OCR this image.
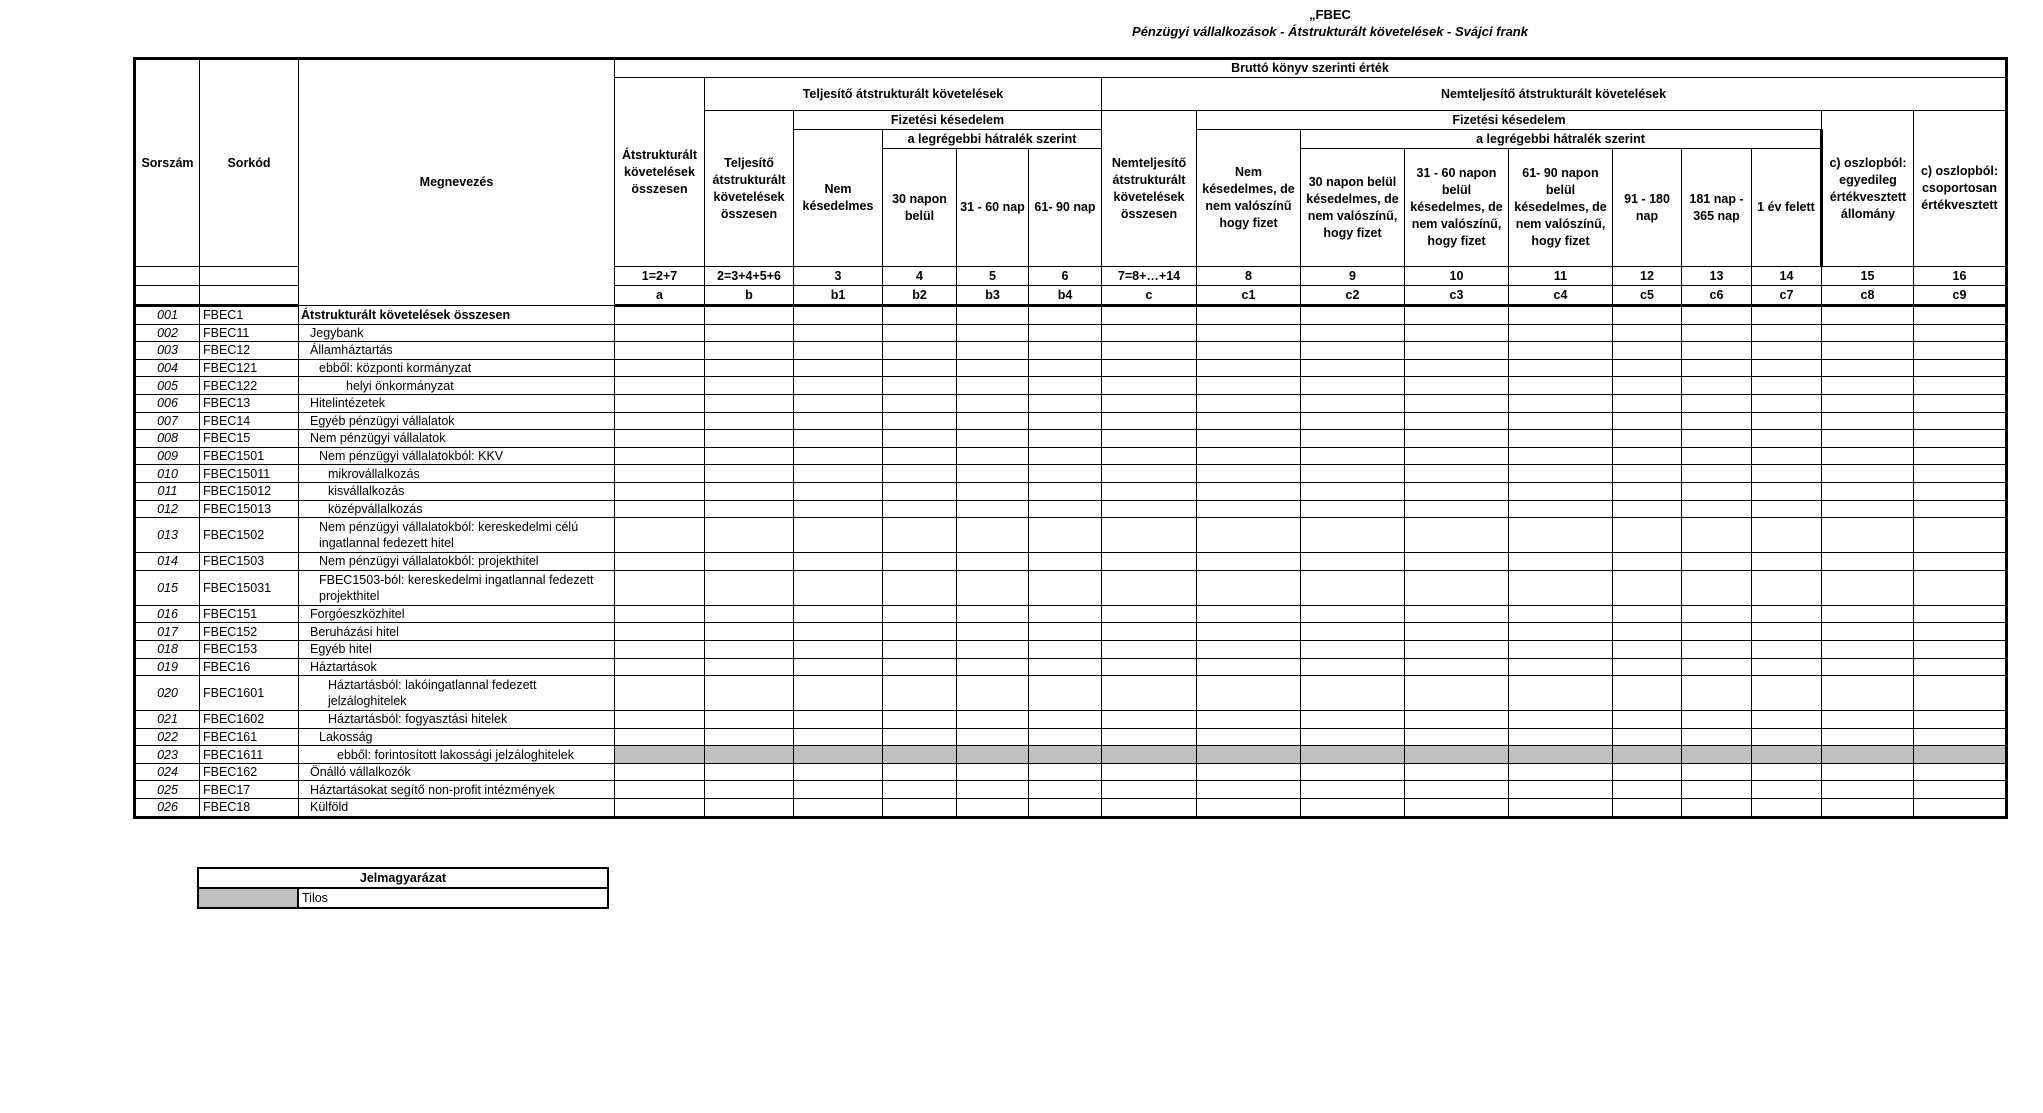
„FBEC
Pénzügyi vállalkozások - Átstrukturált követelések - Svájci frank
Sorszám	Sorkód	Megnevezés	Bruttó könyv szerinti érték															
			Átstrukturált követelések összesen	Teljesítő átstrukturált követelések					Nemteljesítő átstrukturált követelések									
				Teljesítő átstrukturált követelések összesen	Fizetési késedelem				Nemteljesítő átstrukturált követelések összesen	Fizetési késedelem							c) oszlopból: egyedileg értékvesztett állomány	c) oszlopból: csoportosan értékvesztett
					Nem késedelmes	a legrégebbi hátralék szerint				Nem késedelmes, de nem valószínű hogy fizet	a legrégebbi hátralék szerint							
						30 napon belül	31 - 60 nap	61- 90 nap			30 napon belül késedelmes, de nem valószínű, hogy fizet	31 - 60 napon belül késedelmes, de nem valószínű, hogy fizet	61- 90 napon belül késedelmes, de nem valószínű, hogy fizet	91 - 180 nap	181 nap - 365 nap	1 év felett		
			1=2+7	2=3+4+5+6	3	4	5	6	7=8+…+14	8	9	10	11	12	13	14	15	16
			a	b	b1	b2	b3	b4	c	c1	c2	c3	c4	c5	c6	c7	c8	c9
001	FBEC1	Átstrukturált követelések összesen																
002	FBEC11	Jegybank																
003	FBEC12	Államháztartás																
004	FBEC121	ebből: központi kormányzat																
005	FBEC122	helyi önkormányzat																
006	FBEC13	Hitelintézetek																
007	FBEC14	Egyéb pénzügyi vállalatok																
008	FBEC15	Nem pénzügyi vállalatok																
009	FBEC1501	Nem pénzügyi vállalatokból: KKV																
010	FBEC15011	mikrovállalkozás																
011	FBEC15012	kisvállalkozás																
012	FBEC15013	középvállalkozás																
013	FBEC1502	Nem pénzügyi vállalatokból: kereskedelmi célú ingatlannal fedezett hitel																
014	FBEC1503	Nem pénzügyi vállalatokból: projekthitel																
015	FBEC15031	FBEC1503-ból: kereskedelmi ingatlannal fedezett projekthitel																
016	FBEC151	Forgóeszközhitel																
017	FBEC152	Beruházási hitel																
018	FBEC153	Egyéb hitel																
019	FBEC16	Háztartások																
020	FBEC1601	Háztartásból: lakóingatlannal fedezett jelzáloghitelek																
021	FBEC1602	Háztartásból: fogyasztási hitelek																
022	FBEC161	Lakosság																
023	FBEC1611	ebből: forintosított lakossági jelzáloghitelek																
024	FBEC162	Önálló vállalkozók																
025	FBEC17	Háztartásokat segítő non-profit intézmények																
026	FBEC18	Külföld																
Jelmagyarázat
	Tilos
